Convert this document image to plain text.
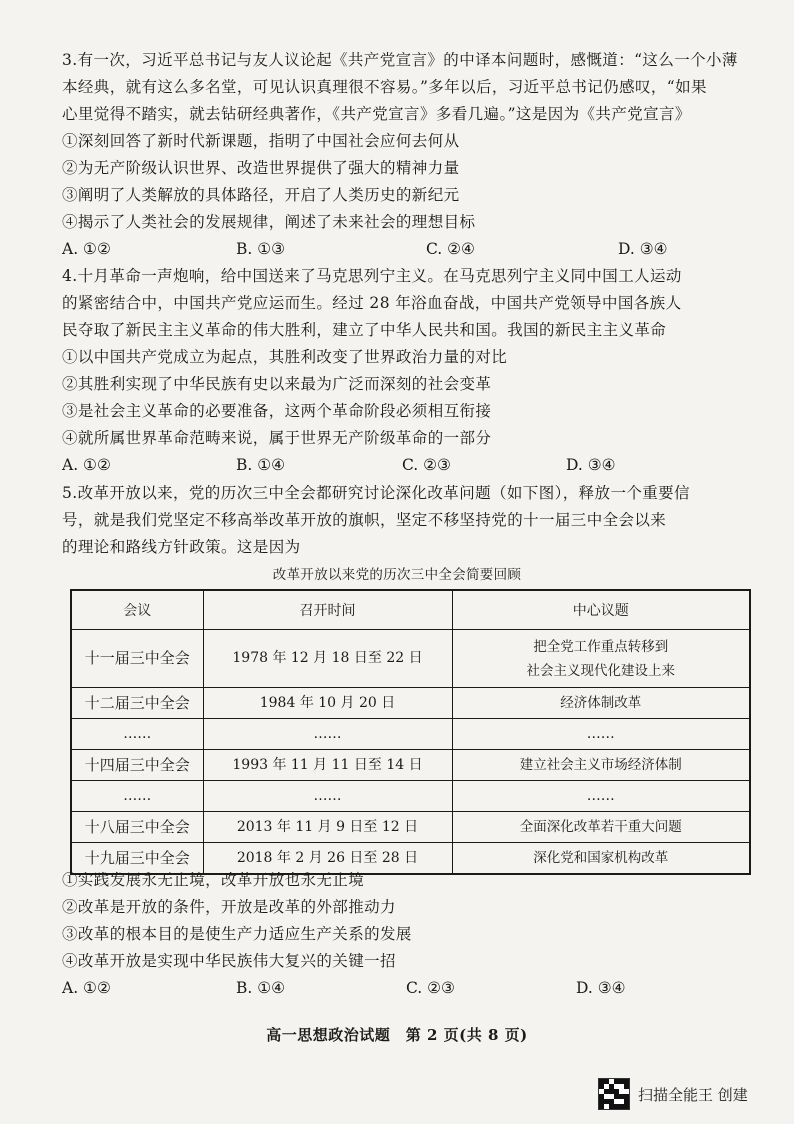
3.有一次，习近平总书记与友人议论起《共产党宣言》的中译本问题时，感慨道：“这么一个小薄
本经典，就有这么多名堂，可见认识真理很不容易。”多年以后，习近平总书记仍感叹，“如果
心里觉得不踏实，就去钻研经典著作，《共产党宣言》多看几遍。”这是因为《共产党宣言》
①深刻回答了新时代新课题，指明了中国社会应何去何从
②为无产阶级认识世界、改造世界提供了强大的精神力量
③阐明了人类解放的具体路径，开启了人类历史的新纪元
④揭示了人类社会的发展规律，阐述了未来社会的理想目标
A. ①②	B. ①③	C. ②④	D. ③④
4.十月革命一声炮响，给中国送来了马克思列宁主义。在马克思列宁主义同中国工人运动
的紧密结合中，中国共产党应运而生。经过 28 年浴血奋战，中国共产党领导中国各族人
民夺取了新民主主义革命的伟大胜利，建立了中华人民共和国。我国的新民主主义革命
①以中国共产党成立为起点，其胜利改变了世界政治力量的对比
②其胜利实现了中华民族有史以来最为广泛而深刻的社会变革
③是社会主义革命的必要准备，这两个革命阶段必须相互衔接
④就所属世界革命范畴来说，属于世界无产阶级革命的一部分
A. ①②	B. ①④	C. ②③	D. ③④
5.改革开放以来，党的历次三中全会都研究讨论深化改革问题（如下图），释放一个重要信
号，就是我们党坚定不移高举改革开放的旗帜，坚定不移坚持党的十一届三中全会以来
的理论和路线方针政策。这是因为
改革开放以来党的历次三中全会简要回顾
会议	召开时间	中心议题
十一届三中全会	1978 年 12 月 18 日至 22 日	把全党工作重点转移到
社会主义现代化建设上来

十二届三中全会	1984 年 10 月 20 日	经济体制改革
……	……	……
十四届三中全会	1993 年 11 月 11 日至 14 日	建立社会主义市场经济体制
……	……	……
十八届三中全会	2013 年 11 月 9 日至 12 日	全面深化改革若干重大问题
十九届三中全会	2018 年 2 月 26 日至 28 日	深化党和国家机构改革
①实践发展永无止境，改革开放也永无止境
②改革是开放的条件，开放是改革的外部推动力
③改革的根本目的是使生产力适应生产关系的发展
④改革开放是实现中华民族伟大复兴的关键一招
A. ①②	B. ①④	C. ②③	D. ③④
高一思想政治试题　第 2 页(共 8 页)
扫描全能王 创建
